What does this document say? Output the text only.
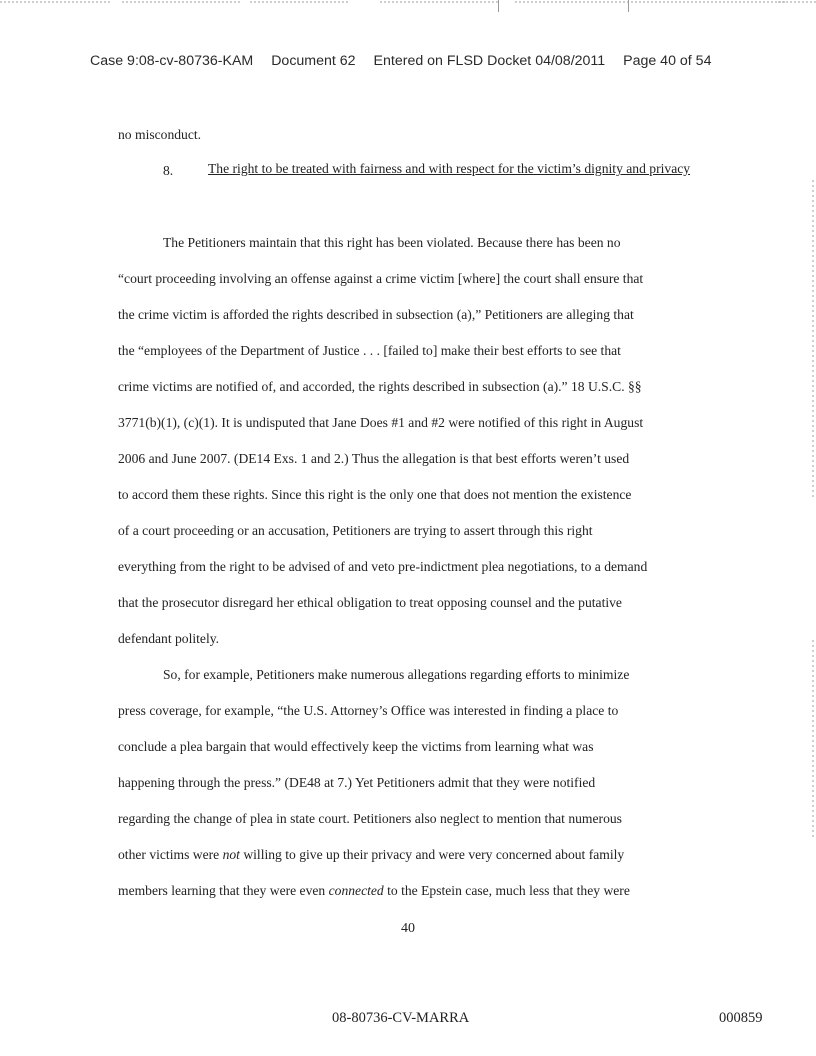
Case 9:08-cv-80736-KAM Document 62 Entered on FLSD Docket 04/08/2011 Page 40 of 54
no misconduct.
8.	The right to be treated with fairness and with respect for the victim’s dignity and privacy
The Petitioners maintain that this right has been violated. Because there has been no
“court proceeding involving an offense against a crime victim [where] the court shall ensure that
the crime victim is afforded the rights described in subsection (a),” Petitioners are alleging that
the “employees of the Department of Justice . . . [failed to] make their best efforts to see that
crime victims are notified of, and accorded, the rights described in subsection (a).” 18 U.S.C. §§
3771(b)(1), (c)(1). It is undisputed that Jane Does #1 and #2 were notified of this right in August
2006 and June 2007. (DE14 Exs. 1 and 2.) Thus the allegation is that best efforts weren’t used
to accord them these rights. Since this right is the only one that does not mention the existence
of a court proceeding or an accusation, Petitioners are trying to assert through this right
everything from the right to be advised of and veto pre-indictment plea negotiations, to a demand
that the prosecutor disregard her ethical obligation to treat opposing counsel and the putative
defendant politely.
So, for example, Petitioners make numerous allegations regarding efforts to minimize
press coverage, for example, “the U.S. Attorney’s Office was interested in finding a place to
conclude a plea bargain that would effectively keep the victims from learning what was
happening through the press.” (DE48 at 7.) Yet Petitioners admit that they were notified
regarding the change of plea in state court. Petitioners also neglect to mention that numerous
other victims were not willing to give up their privacy and were very concerned about family
members learning that they were even connected to the Epstein case, much less that they were
40
08-80736-CV-MARRA	000859
